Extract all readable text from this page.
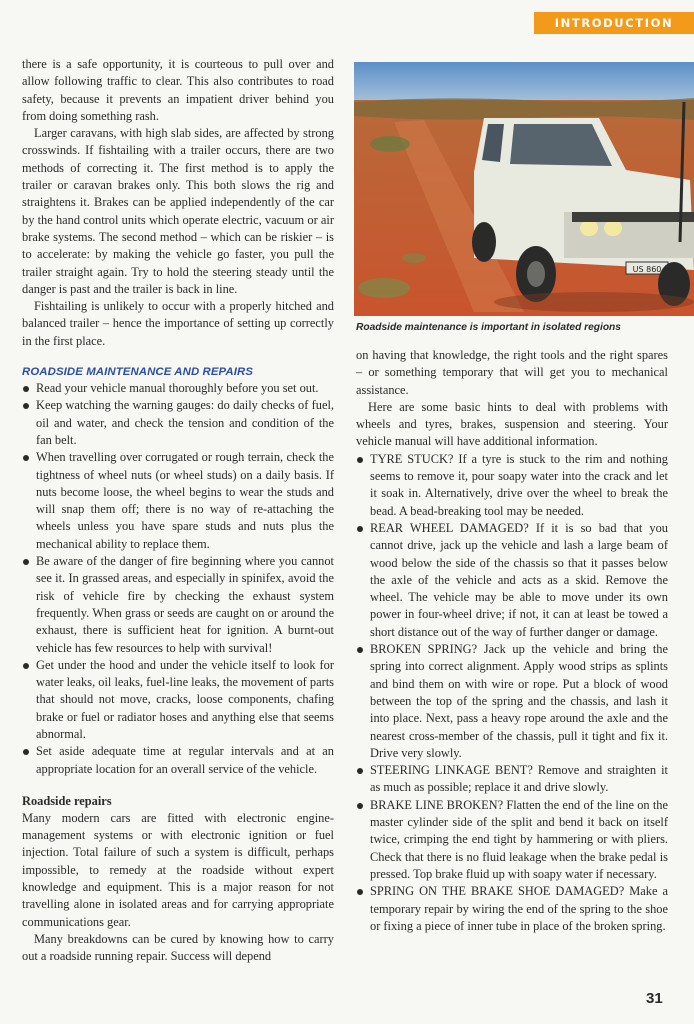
INTRODUCTION

there is a safe opportunity, it is courteous to pull over and allow following traffic to clear. This also contributes to road safety, because it prevents an impatient driver behind you from doing something rash.

Larger caravans, with high slab sides, are affected by strong crosswinds. If fishtailing with a trailer occurs, there are two methods of correcting it. The first method is to apply the trailer or caravan brakes only. This both slows the rig and straightens it. Brakes can be applied independently of the car by the hand control units which operate electric, vacuum or air brake systems. The second method – which can be riskier – is to accelerate: by making the vehicle go faster, you pull the trailer straight again. Try to hold the steering steady until the danger is past and the trailer is back in line.

Fishtailing is unlikely to occur with a properly hitched and balanced trailer – hence the importance of setting up correctly in the first place.

ROADSIDE MAINTENANCE AND REPAIRS
Read your vehicle manual thoroughly before you set out.
Keep watching the warning gauges: do daily checks of fuel, oil and water, and check the tension and condition of the fan belt.
When travelling over corrugated or rough terrain, check the tightness of wheel nuts (or wheel studs) on a daily basis. If nuts become loose, the wheel begins to wear the studs and will snap them off; there is no way of re-attaching the wheels unless you have spare studs and nuts plus the mechanical ability to replace them.
Be aware of the danger of fire beginning where you cannot see it. In grassed areas, and especially in spinifex, avoid the risk of vehicle fire by checking the exhaust system frequently. When grass or seeds are caught on or around the exhaust, there is sufficient heat for ignition. A burnt-out vehicle has few resources to help with survival!
Get under the hood and under the vehicle itself to look for water leaks, oil leaks, fuel-line leaks, the movement of parts that should not move, cracks, loose components, chafing brake or fuel or radiator hoses and anything else that seems abnormal.
Set aside adequate time at regular intervals and at an appropriate location for an overall service of the vehicle.
Roadside repairs

Many modern cars are fitted with electronic engine-management systems or with electronic ignition or fuel injection. Total failure of such a system is difficult, perhaps impossible, to remedy at the roadside without expert knowledge and equipment. This is a major reason for not travelling alone in isolated areas and for carrying appropriate communications gear.

Many breakdowns can be cured by knowing how to carry out a roadside running repair. Success will depend

US 860
Roadside maintenance is important in isolated regions

on having that knowledge, the right tools and the right spares – or something temporary that will get you to mechanical assistance.

Here are some basic hints to deal with problems with wheels and tyres, brakes, suspension and steering. Your vehicle manual will have additional information.

TYRE STUCK? If a tyre is stuck to the rim and nothing seems to remove it, pour soapy water into the crack and let it soak in. Alternatively, drive over the wheel to break the bead. A bead-breaking tool may be needed.
REAR WHEEL DAMAGED? If it is so bad that you cannot drive, jack up the vehicle and lash a large beam of wood below the side of the chassis so that it passes below the axle of the vehicle and acts as a skid. Remove the wheel. The vehicle may be able to move under its own power in four-wheel drive; if not, it can at least be towed a short distance out of the way of further danger or damage.
BROKEN SPRING? Jack up the vehicle and bring the spring into correct alignment. Apply wood strips as splints and bind them on with wire or rope. Put a block of wood between the top of the spring and the chassis, and lash it into place. Next, pass a heavy rope around the axle and the nearest cross-member of the chassis, pull it tight and fix it. Drive very slowly.
STEERING LINKAGE BENT? Remove and straighten it as much as possible; replace it and drive slowly.
BRAKE LINE BROKEN? Flatten the end of the line on the master cylinder side of the split and bend it back on itself twice, crimping the end tight by hammering or with pliers. Check that there is no fluid leakage when the brake pedal is pressed. Top brake fluid up with soapy water if necessary.
SPRING ON THE BRAKE SHOE DAMAGED? Make a temporary repair by wiring the end of the spring to the shoe or fixing a piece of inner tube in place of the broken spring.
31
